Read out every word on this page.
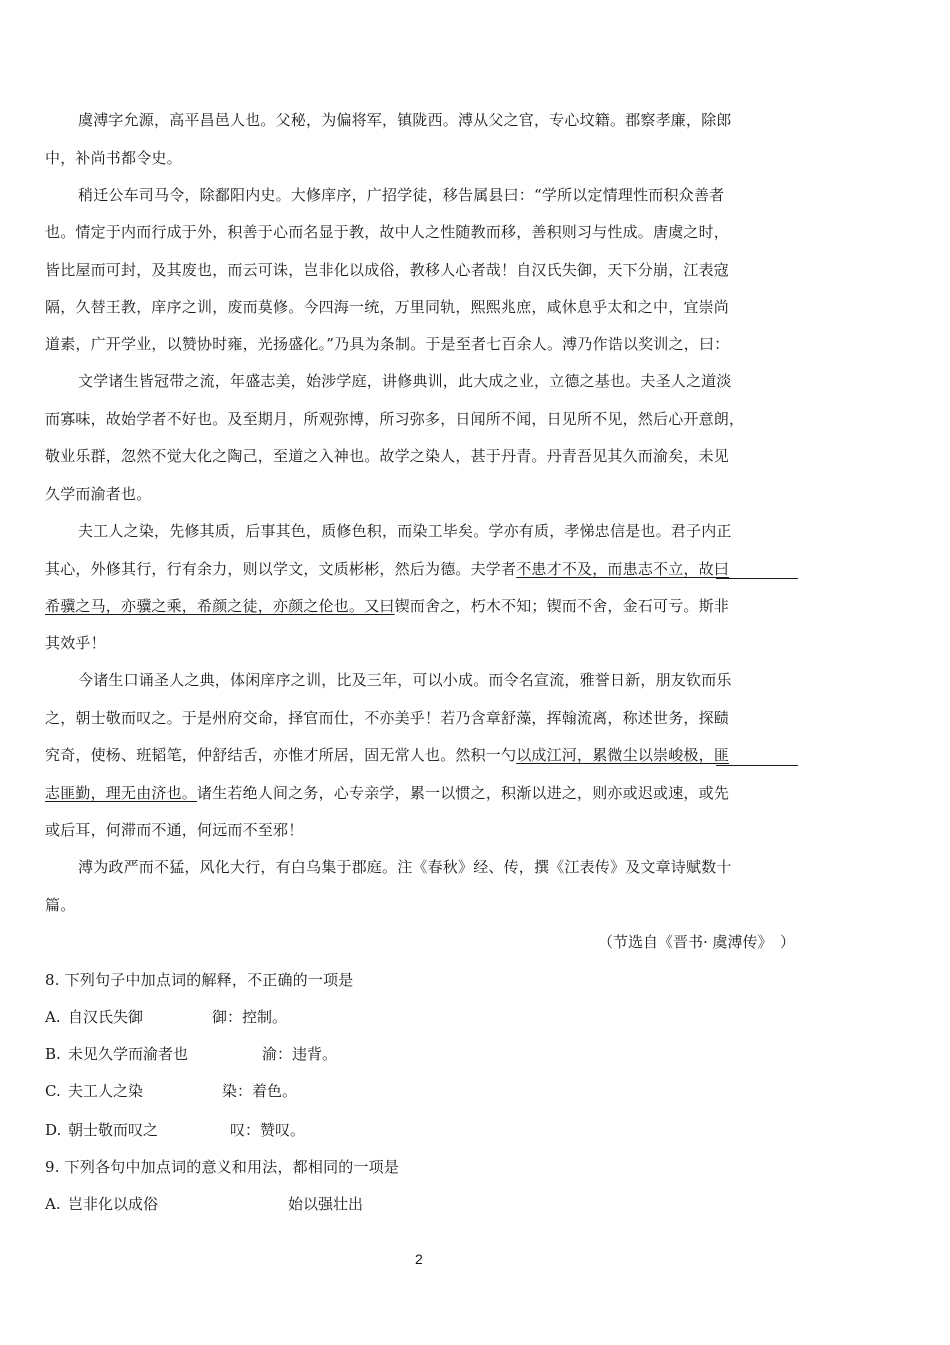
虞溥字允源，高平昌邑人也。父秘，为偏将军，镇陇西。溥从父之官，专心坟籍。郡察孝廉，除郎
中，补尚书都令史。
稍迁公车司马令，除鄱阳内史。大修庠序，广招学徒，移告属县曰：“学所以定情理性而积众善者
也。情定于内而行成于外，积善于心而名显于教，故中人之性随教而移，善积则习与性成。唐虞之时，
皆比屋而可封，及其废也，而云可诛，岂非化以成俗，教移人心者哉！自汉氏失御，天下分崩，江表寇
隔，久替王教，庠序之训，废而莫修。今四海一统，万里同轨，熙熙兆庶，咸休息乎太和之中，宜崇尚
道素，广开学业，以赞协时雍，光扬盛化。”乃具为条制。于是至者七百余人。溥乃作诰以奖训之，曰：
文学诸生皆冠带之流，年盛志美，始涉学庭，讲修典训，此大成之业，立德之基也。夫圣人之道淡
而寡味，故始学者不好也。及至期月，所观弥博，所习弥多，日闻所不闻，日见所不见，然后心开意朗，
敬业乐群，忽然不觉大化之陶己，至道之入神也。故学之染人，甚于丹青。丹青吾见其久而渝矣，未见
久学而渝者也。
夫工人之染，先修其质，后事其色，质修色积，而染工毕矣。学亦有质，孝悌忠信是也。君子内正
其心，外修其行，行有余力，则以学文，文质彬彬，然后为德。夫学者不患才不及，而患志不立，故曰
希骥之马，亦骥之乘，希颜之徒，亦颜之伦也。又曰锲而舍之，朽木不知；锲而不舍，金石可亏。斯非
其效乎！
今诸生口诵圣人之典，体闲庠序之训，比及三年，可以小成。而令名宣流，雅誉日新，朋友钦而乐
之，朝士敬而叹之。于是州府交命，择官而仕，不亦美乎！若乃含章舒藻，挥翰流离，称述世务，探赜
究奇，使杨、班韬笔，仲舒结舌，亦惟才所居，固无常人也。然积一勺以成江河，累微尘以崇峻极，匪
志匪勤，理无由济也。诸生若绝人间之务，心专亲学，累一以惯之，积渐以进之，则亦或迟或速，或先
或后耳，何滞而不通，何远而不至邪！
溥为政严而不猛，风化大行，有白乌集于郡庭。注《春秋》经、传，撰《江表传》及文章诗赋数十
篇。
（节选自《晋书· 虞溥传》　）
8. 下列句子中加点词的解释，不正确的一项是
A. 自汉氏失御	御：控制。
B. 未见久学而渝者也	渝：违背。
C. 夫工人之染	染：着色。
D. 朝士敬而叹之	叹：赞叹。
9. 下列各句中加点词的意义和用法，都相同的一项是
A. 岂非化以成俗	始以强壮出
2
